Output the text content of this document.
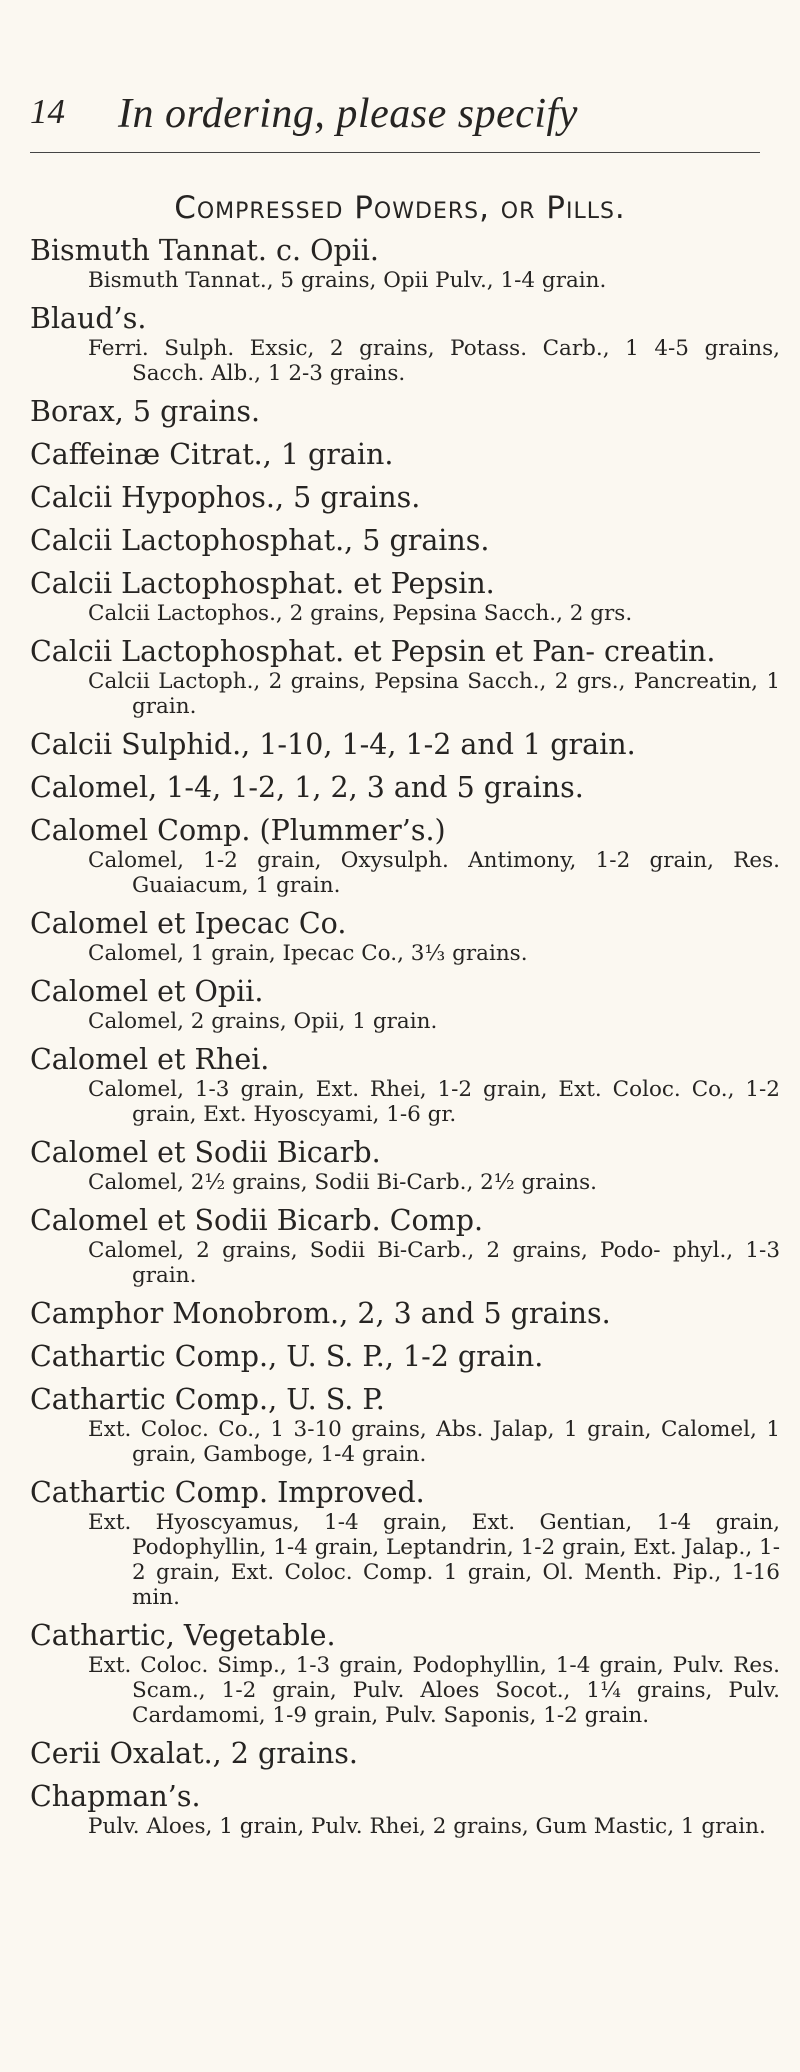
14 In ordering, please specify
Compressed Powders, or Pills.
Bismuth Tannat. c. Opii.
Bismuth Tannat., 5 grains, Opii Pulv., 1-4 grain.
Blaud’s.
Ferri. Sulph. Exsic, 2 grains, Potass. Carb., 1 4-5 grains, Sacch. Alb., 1 2-3 grains.
Borax, 5 grains.
Caffeinæ Citrat., 1 grain.
Calcii Hypophos., 5 grains.
Calcii Lactophosphat., 5 grains.
Calcii Lactophosphat. et Pepsin.
Calcii Lactophos., 2 grains, Pepsina Sacch., 2 grs.
Calcii Lactophosphat. et Pepsin et Pan- creatin.
Calcii Lactoph., 2 grains, Pepsina Sacch., 2 grs., Pancreatin, 1 grain.
Calcii Sulphid., 1-10, 1-4, 1-2 and 1 grain.
Calomel, 1-4, 1-2, 1, 2, 3 and 5 grains.
Calomel Comp. (Plummer’s.)
Calomel, 1-2 grain, Oxysulph. Antimony, 1-2 grain, Res. Guaiacum, 1 grain.
Calomel et Ipecac Co.
Calomel, 1 grain, Ipecac Co., 3⅓ grains.
Calomel et Opii.
Calomel, 2 grains, Opii, 1 grain.
Calomel et Rhei.
Calomel, 1-3 grain, Ext. Rhei, 1-2 grain, Ext. Coloc. Co., 1-2 grain, Ext. Hyoscyami, 1-6 gr.
Calomel et Sodii Bicarb.
Calomel, 2½ grains, Sodii Bi-Carb., 2½ grains.
Calomel et Sodii Bicarb. Comp.
Calomel, 2 grains, Sodii Bi-Carb., 2 grains, Podo- phyl., 1-3 grain.
Camphor Monobrom., 2, 3 and 5 grains.
Cathartic Comp., U. S. P., 1-2 grain.
Cathartic Comp., U. S. P.
Ext. Coloc. Co., 1 3-10 grains, Abs. Jalap, 1 grain, Calomel, 1 grain, Gamboge, 1-4 grain.
Cathartic Comp. Improved.
Ext. Hyoscyamus, 1-4 grain, Ext. Gentian, 1-4 grain, Podophyllin, 1-4 grain, Leptandrin, 1-2 grain, Ext. Jalap., 1-2 grain, Ext. Coloc. Comp. 1 grain, Ol. Menth. Pip., 1-16 min.
Cathartic, Vegetable.
Ext. Coloc. Simp., 1-3 grain, Podophyllin, 1-4 grain, Pulv. Res. Scam., 1-2 grain, Pulv. Aloes Socot., 1¼ grains, Pulv. Cardamomi, 1-9 grain, Pulv. Saponis, 1-2 grain.
Cerii Oxalat., 2 grains.
Chapman’s.
Pulv. Aloes, 1 grain, Pulv. Rhei, 2 grains, Gum Mastic, 1 grain.
